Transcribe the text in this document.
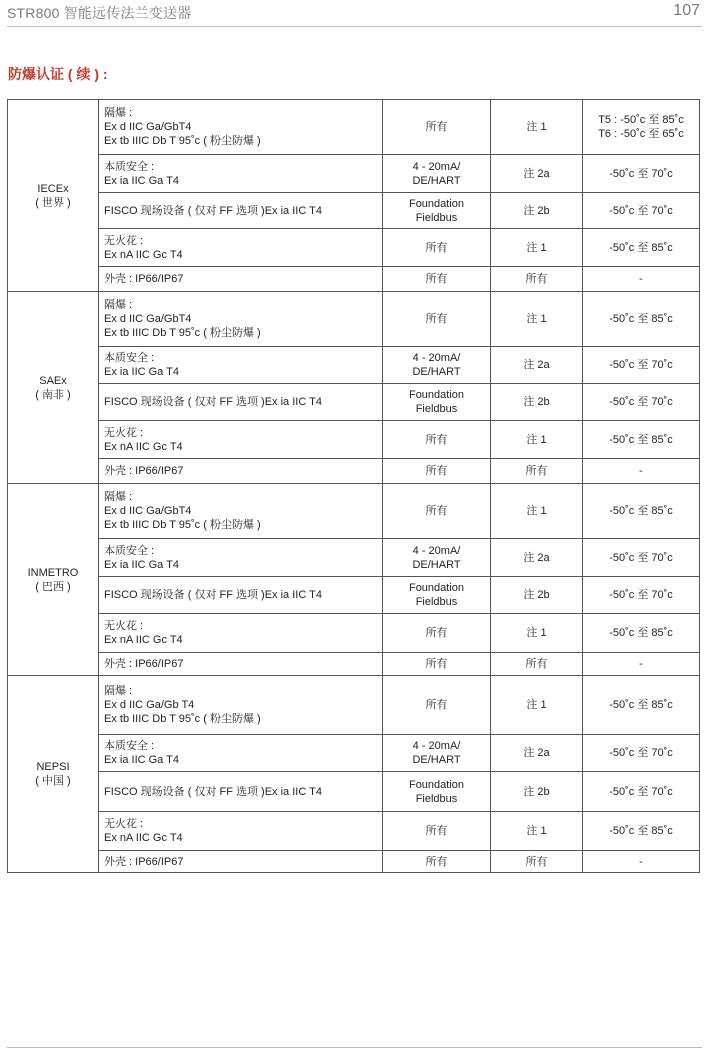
STR800 智能远传法兰变送器	107
防爆认证 ( 续 ) :
IECEx
( 世界 )	隔爆 :
Ex d IIC Ga/GbT4
Ex tb IIIC Db T 95˚c ( 粉尘防爆 )	所有	注 1	T5 : -50˚c 至 85˚c
T6 : -50˚c 至 65˚c

	本质安全 :
Ex ia IIC Ga T4	4 - 20mA/
DE/HART	注 2a	-50˚c 至 70˚c

	FISCO 现场设备 ( 仅对 FF 选项 )Ex ia IIC T4	Foundation
Fieldbus	注 2b	-50˚c 至 70˚c

	无火花 :
Ex nA IIC Gc T4	所有	注 1	-50˚c 至 85˚c

	外壳 : IP66/IP67	所有	所有	-

SAEx
( 南非 )	隔爆 :
Ex d IIC Ga/GbT4
Ex tb IIIC Db T 95˚c ( 粉尘防爆 )	所有	注 1	-50˚c 至 85˚c

	本质安全 :
Ex ia IIC Ga T4	4 - 20mA/
DE/HART	注 2a	-50˚c 至 70˚c

	FISCO 现场设备 ( 仅对 FF 选项 )Ex ia IIC T4	Foundation
Fieldbus	注 2b	-50˚c 至 70˚c

	无火花 :
Ex nA IIC Gc T4	所有	注 1	-50˚c 至 85˚c

	外壳 : IP66/IP67	所有	所有	-

INMETRO
( 巴西 )	隔爆 :
Ex d IIC Ga/GbT4
Ex tb IIIC Db T 95˚c ( 粉尘防爆 )	所有	注 1	-50˚c 至 85˚c

	本质安全 :
Ex ia IIC Ga T4	4 - 20mA/
DE/HART	注 2a	-50˚c 至 70˚c

	FISCO 现场设备 ( 仅对 FF 选项 )Ex ia IIC T4	Foundation
Fieldbus	注 2b	-50˚c 至 70˚c

	无火花 :
Ex nA IIC Gc T4	所有	注 1	-50˚c 至 85˚c

	外壳 : IP66/IP67	所有	所有	-

NEPSI
( 中国 )	隔爆 :
Ex d IIC Ga/Gb T4
Ex tb IIIC Db T 95˚c ( 粉尘防爆 )	所有	注 1	-50˚c 至 85˚c

	本质安全 :
Ex ia IIC Ga T4	4 - 20mA/
DE/HART	注 2a	-50˚c 至 70˚c

	FISCO 现场设备 ( 仅对 FF 选项 )Ex ia IIC T4	Foundation
Fieldbus	注 2b	-50˚c 至 70˚c

	无火花 :
Ex nA IIC Gc T4	所有	注 1	-50˚c 至 85˚c

	外壳 : IP66/IP67	所有	所有	-
